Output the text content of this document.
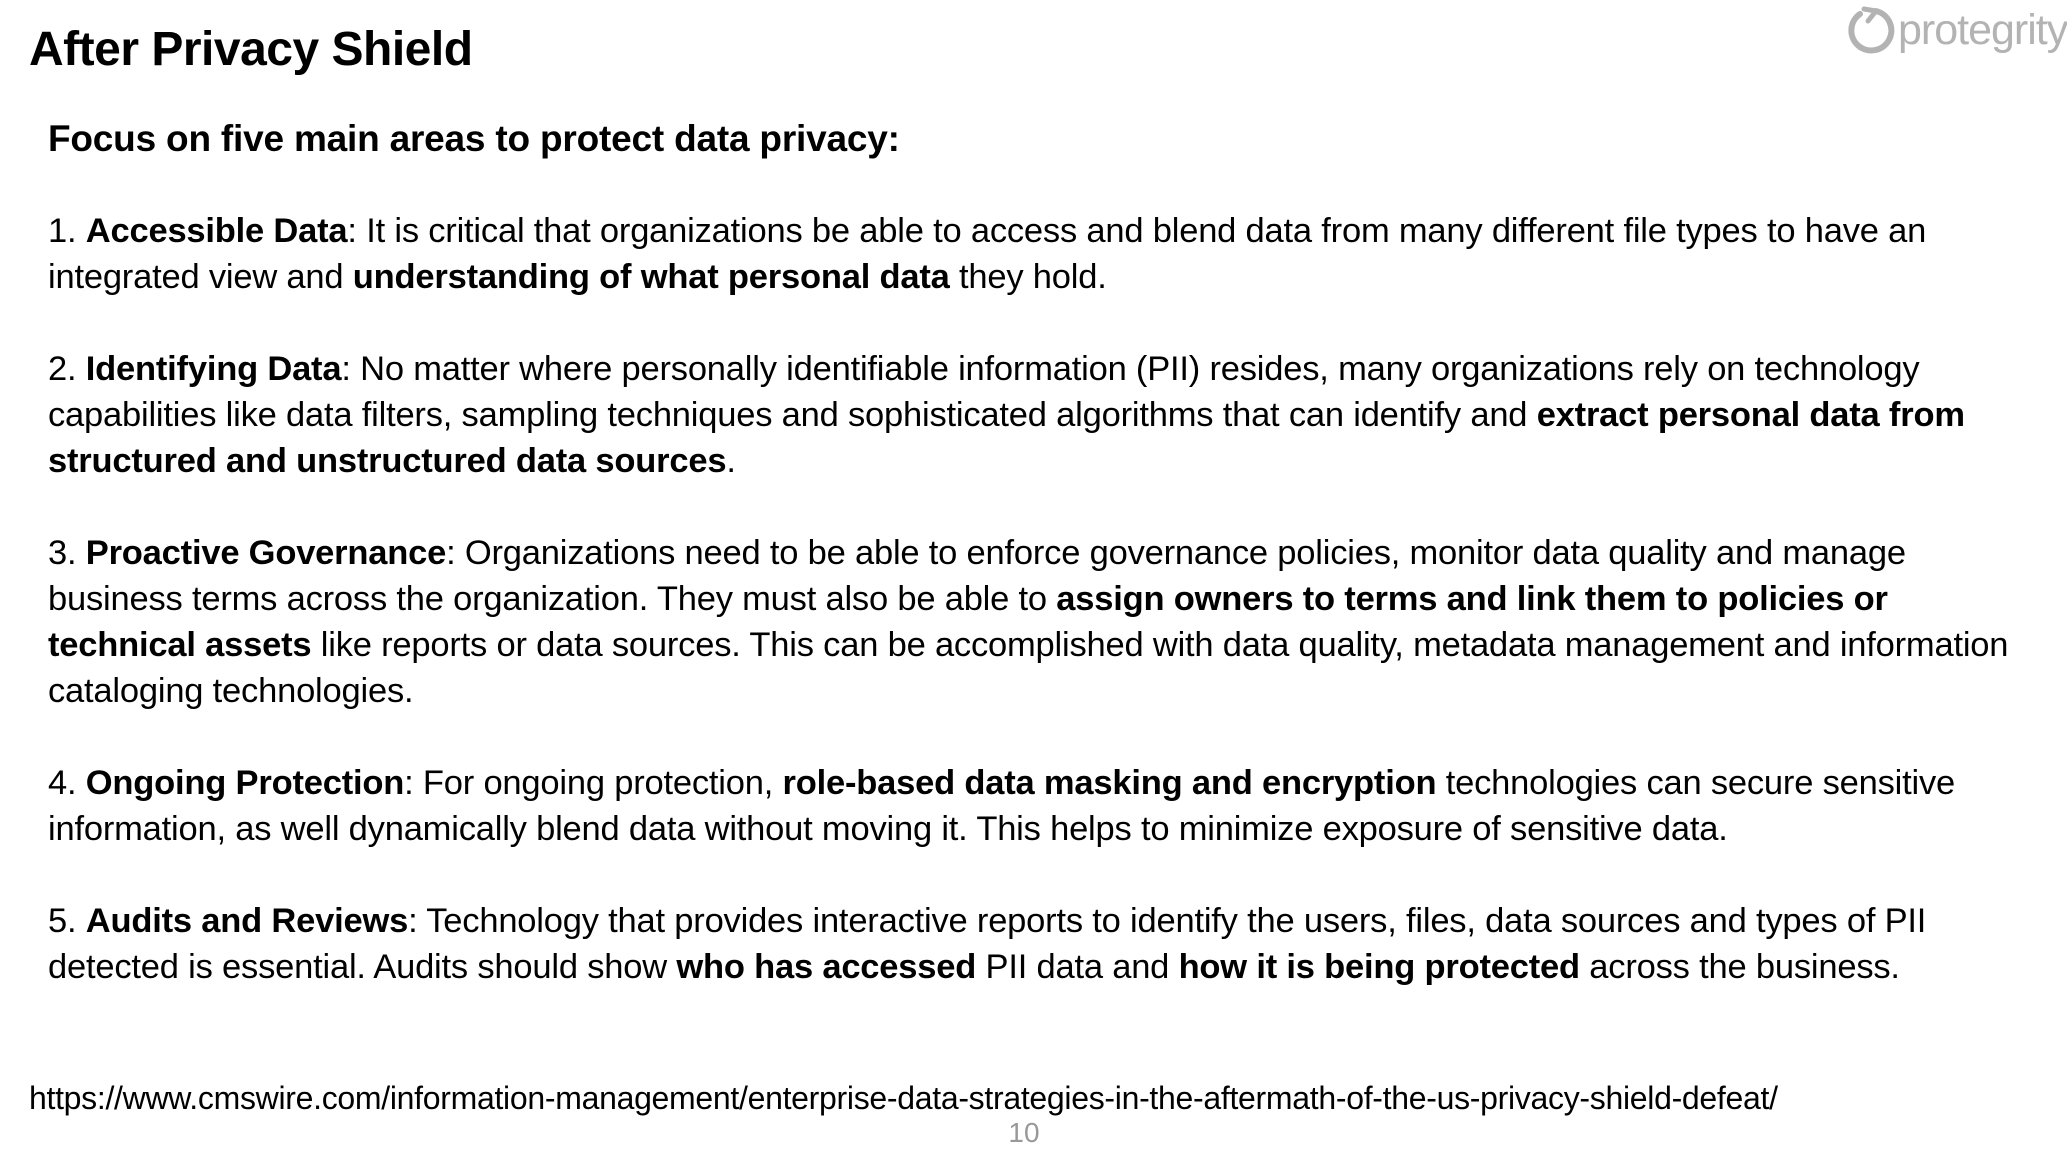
After Privacy Shield	protegrity

Focus on five main areas to protect data privacy:

1. Accessible Data: It is critical that organizations be able to access and blend data from many different file types to have an integrated view and understanding of what personal data they hold.

2. Identifying Data: No matter where personally identifiable information (PII) resides, many organizations rely on technology capabilities like data filters, sampling techniques and sophisticated algorithms that can identify and extract personal data from structured and unstructured data sources.

3. Proactive Governance: Organizations need to be able to enforce governance policies, monitor data quality and manage business terms across the organization. They must also be able to assign owners to terms and link them to policies or technical assets like reports or data sources. This can be accomplished with data quality, metadata management and information cataloging technologies.

4. Ongoing Protection: For ongoing protection, role-based data masking and encryption technologies can secure sensitive information, as well dynamically blend data without moving it. This helps to minimize exposure of sensitive data.

5. Audits and Reviews: Technology that provides interactive reports to identify the users, files, data sources and types of PII detected is essential. Audits should show who has accessed PII data and how it is being protected across the business.

https://www.cmswire.com/information-management/enterprise-data-strategies-in-the-aftermath-of-the-us-privacy-shield-defeat/
10
